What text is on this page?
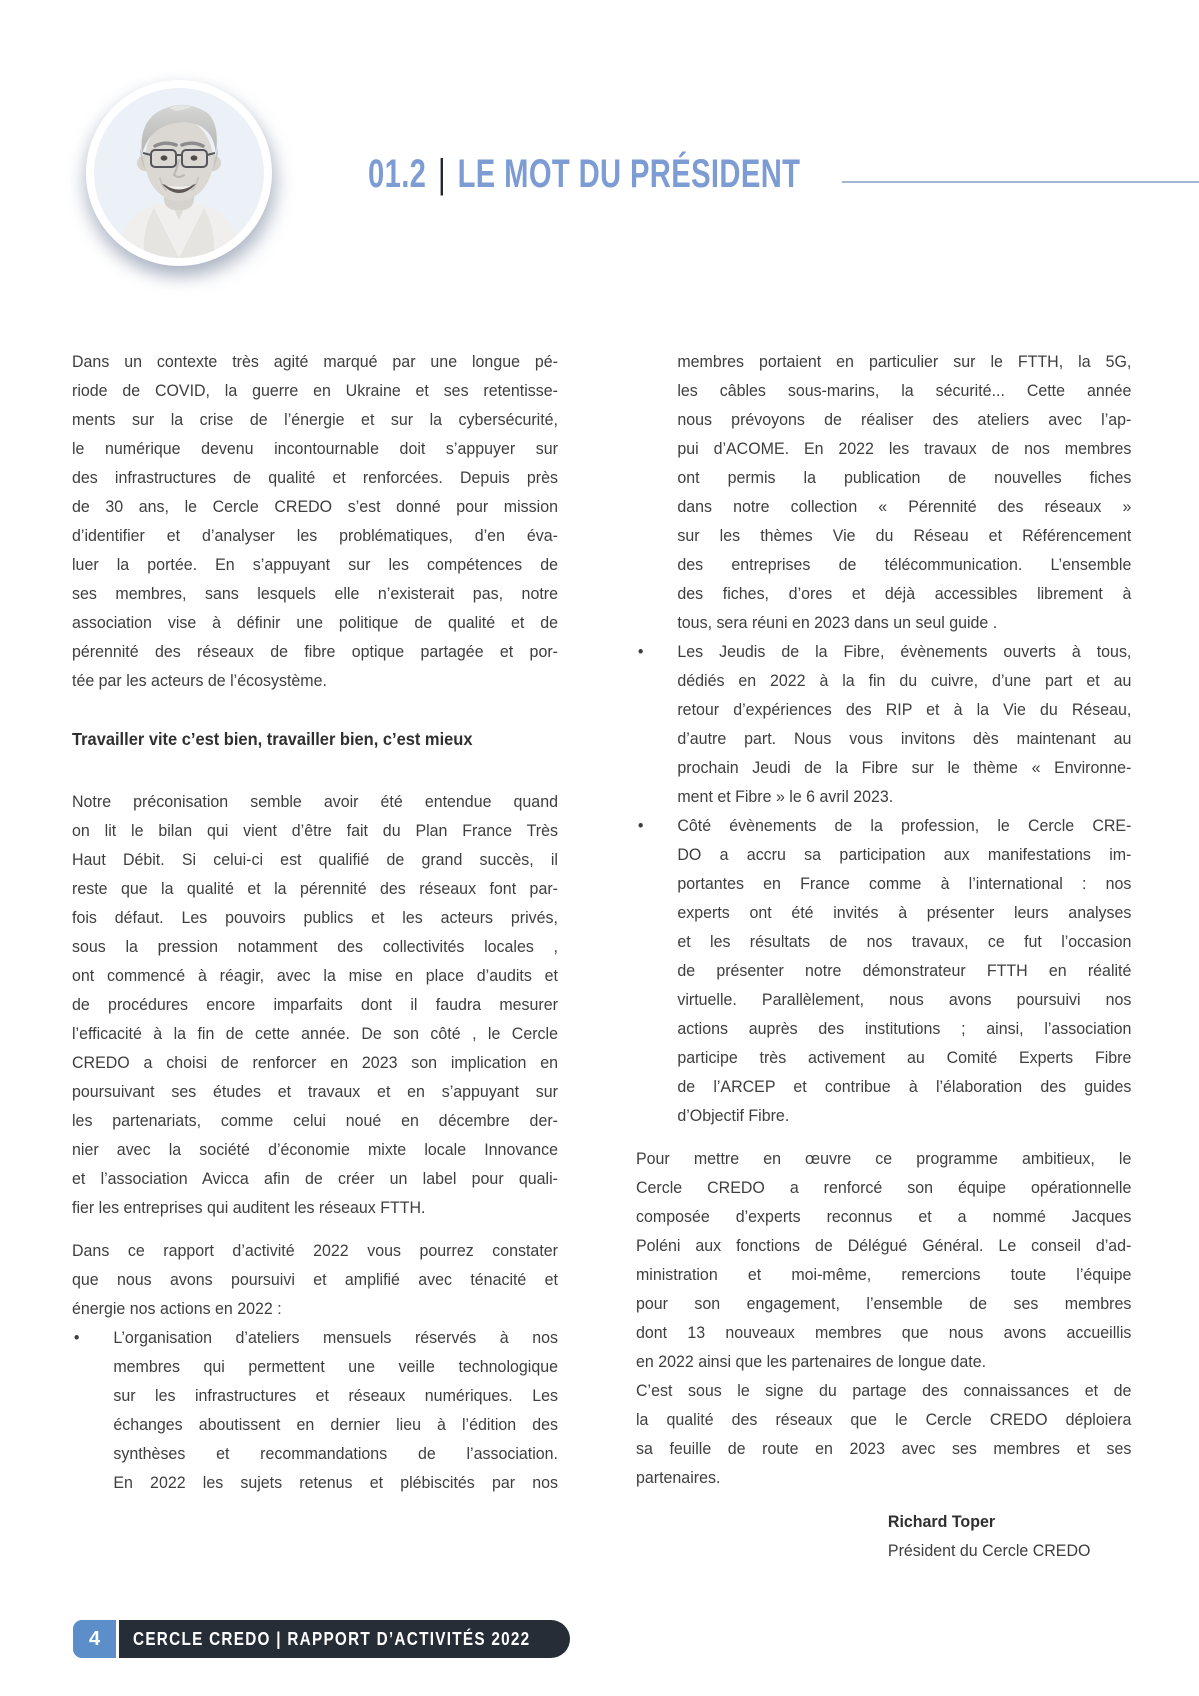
01.2 | LE MOT DU PRÉSIDENT
Dans un contexte très agité marqué par une longue pé-
riode de COVID, la guerre en Ukraine et ses retentisse-
ments sur la crise de l’énergie et sur la cybersécurité,
le numérique devenu incontournable doit s’appuyer sur
des infrastructures de qualité et renforcées. Depuis près
de 30 ans, le Cercle CREDO s’est donné pour mission
d’identifier et d’analyser les problématiques, d’en éva-
luer la portée. En s’appuyant sur les compétences de
ses membres, sans lesquels elle n’existerait pas, notre
association vise à définir une politique de qualité et de
pérennité des réseaux de fibre optique partagée et por-
tée par les acteurs de l’écosystème.
Travailler vite c’est bien, travailler bien, c’est mieux
Notre préconisation semble avoir été entendue quand
on lit le bilan qui vient d’être fait du Plan France Très
Haut Débit. Si celui-ci est qualifié de grand succès, il
reste que la qualité et la pérennité des réseaux font par-
fois défaut. Les pouvoirs publics et les acteurs privés,
sous la pression notamment des collectivités locales ,
ont commencé à réagir, avec la mise en place d’audits et
de procédures encore imparfaits dont il faudra mesurer
l’efficacité à la fin de cette année. De son côté , le Cercle
CREDO a choisi de renforcer en 2023 son implication en
poursuivant ses études et travaux et en s’appuyant sur
les partenariats, comme celui noué en décembre der-
nier avec la société d’économie mixte locale Innovance
et l’association Avicca afin de créer un label pour quali-
fier les entreprises qui auditent les réseaux FTTH.
Dans ce rapport d’activité 2022 vous pourrez constater
que nous avons poursuivi et amplifié avec ténacité et
énergie nos actions en 2022 :
• L’organisation d’ateliers mensuels réservés à nos
membres qui permettent une veille technologique
sur les infrastructures et réseaux numériques. Les
échanges aboutissent en dernier lieu à l’édition des
synthèses et recommandations de l’association.
En 2022 les sujets retenus et plébiscités par nos
membres portaient en particulier sur le FTTH, la 5G,
les câbles sous-marins, la sécurité... Cette année
nous prévoyons de réaliser des ateliers avec l’ap-
pui d’ACOME. En 2022 les travaux de nos membres
ont permis la publication de nouvelles fiches
dans notre collection « Pérennité des réseaux »
sur les thèmes Vie du Réseau et Référencement
des entreprises de télécommunication. L’ensemble
des fiches, d’ores et déjà accessibles librement à
tous, sera réuni en 2023 dans un seul guide .
• Les Jeudis de la Fibre, évènements ouverts à tous,
dédiés en 2022 à la fin du cuivre, d’une part et au
retour d’expériences des RIP et à la Vie du Réseau,
d’autre part. Nous vous invitons dès maintenant au
prochain Jeudi de la Fibre sur le thème « Environne-
ment et Fibre » le 6 avril 2023.
• Côté évènements de la profession, le Cercle CRE-
DO a accru sa participation aux manifestations im-
portantes en France comme à l’international : nos
experts ont été invités à présenter leurs analyses
et les résultats de nos travaux, ce fut l’occasion
de présenter notre démonstrateur FTTH en réalité
virtuelle. Parallèlement, nous avons poursuivi nos
actions auprès des institutions ; ainsi, l’association
participe très activement au Comité Experts Fibre
de l’ARCEP et contribue à l’élaboration des guides
d’Objectif Fibre.
Pour mettre en œuvre ce programme ambitieux, le
Cercle CREDO a renforcé son équipe opérationnelle
composée d’experts reconnus et a nommé Jacques
Poléni aux fonctions de Délégué Général. Le conseil d’ad-
ministration et moi-même, remercions toute l’équipe
pour son engagement, l’ensemble de ses membres
dont 13 nouveaux membres que nous avons accueillis
en 2022 ainsi que les partenaires de longue date.
C’est sous le signe du partage des connaissances et de
la qualité des réseaux que le Cercle CREDO déploiera
sa feuille de route en 2023 avec ses membres et ses
partenaires.
Richard Toper
Président du Cercle CREDO
4	CERCLE CREDO | RAPPORT D’ACTIVITÉS 2022
